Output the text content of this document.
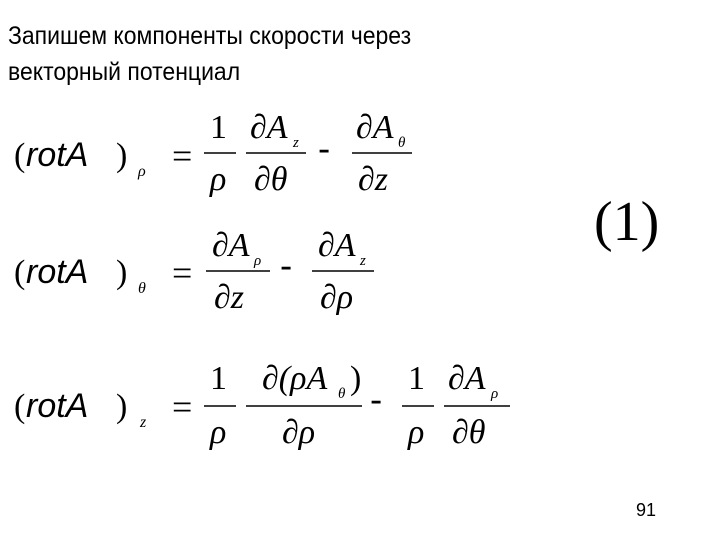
Запишем компоненты скорости через
векторный потенциал
( rotA ) ρ =
1
ρ
∂A z
∂θ
-
∂A θ
∂z
( rotA ) θ =
∂A ρ
∂z
-
∂A z
∂ρ
( rotA ) z =
1
ρ
∂(ρA θ )
∂ρ
-
1
ρ
∂A ρ
∂θ
(1)
91
